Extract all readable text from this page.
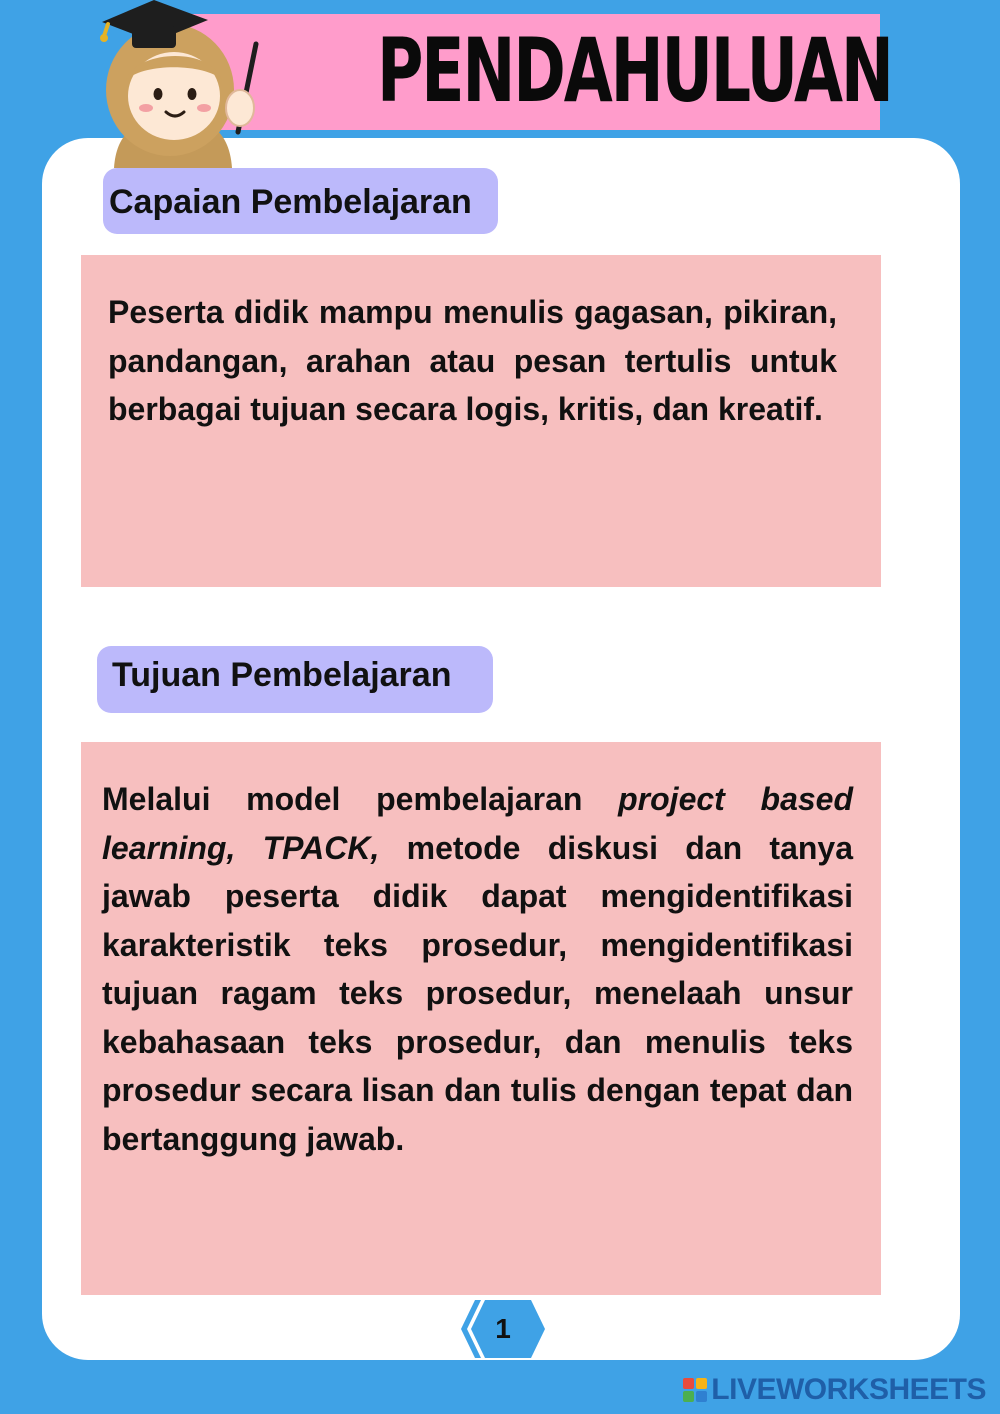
PENDAHULUAN
Capaian Pembelajaran

Peserta didik mampu menulis gagasan, pikiran, pandangan, arahan atau pesan tertulis untuk berbagai tujuan secara logis, kritis, dan kreatif.

Tujuan Pembelajaran

Melalui model pembelajaran project based learning, TPACK, metode diskusi dan tanya jawab peserta didik dapat mengidentifikasi karakteristik teks prosedur, mengidentifikasi tujuan ragam teks prosedur, menelaah unsur kebahasaan teks prosedur, dan menulis teks prosedur secara lisan dan tulis dengan tepat dan bertanggung jawab.

1
LIVEWORKSHEETS
